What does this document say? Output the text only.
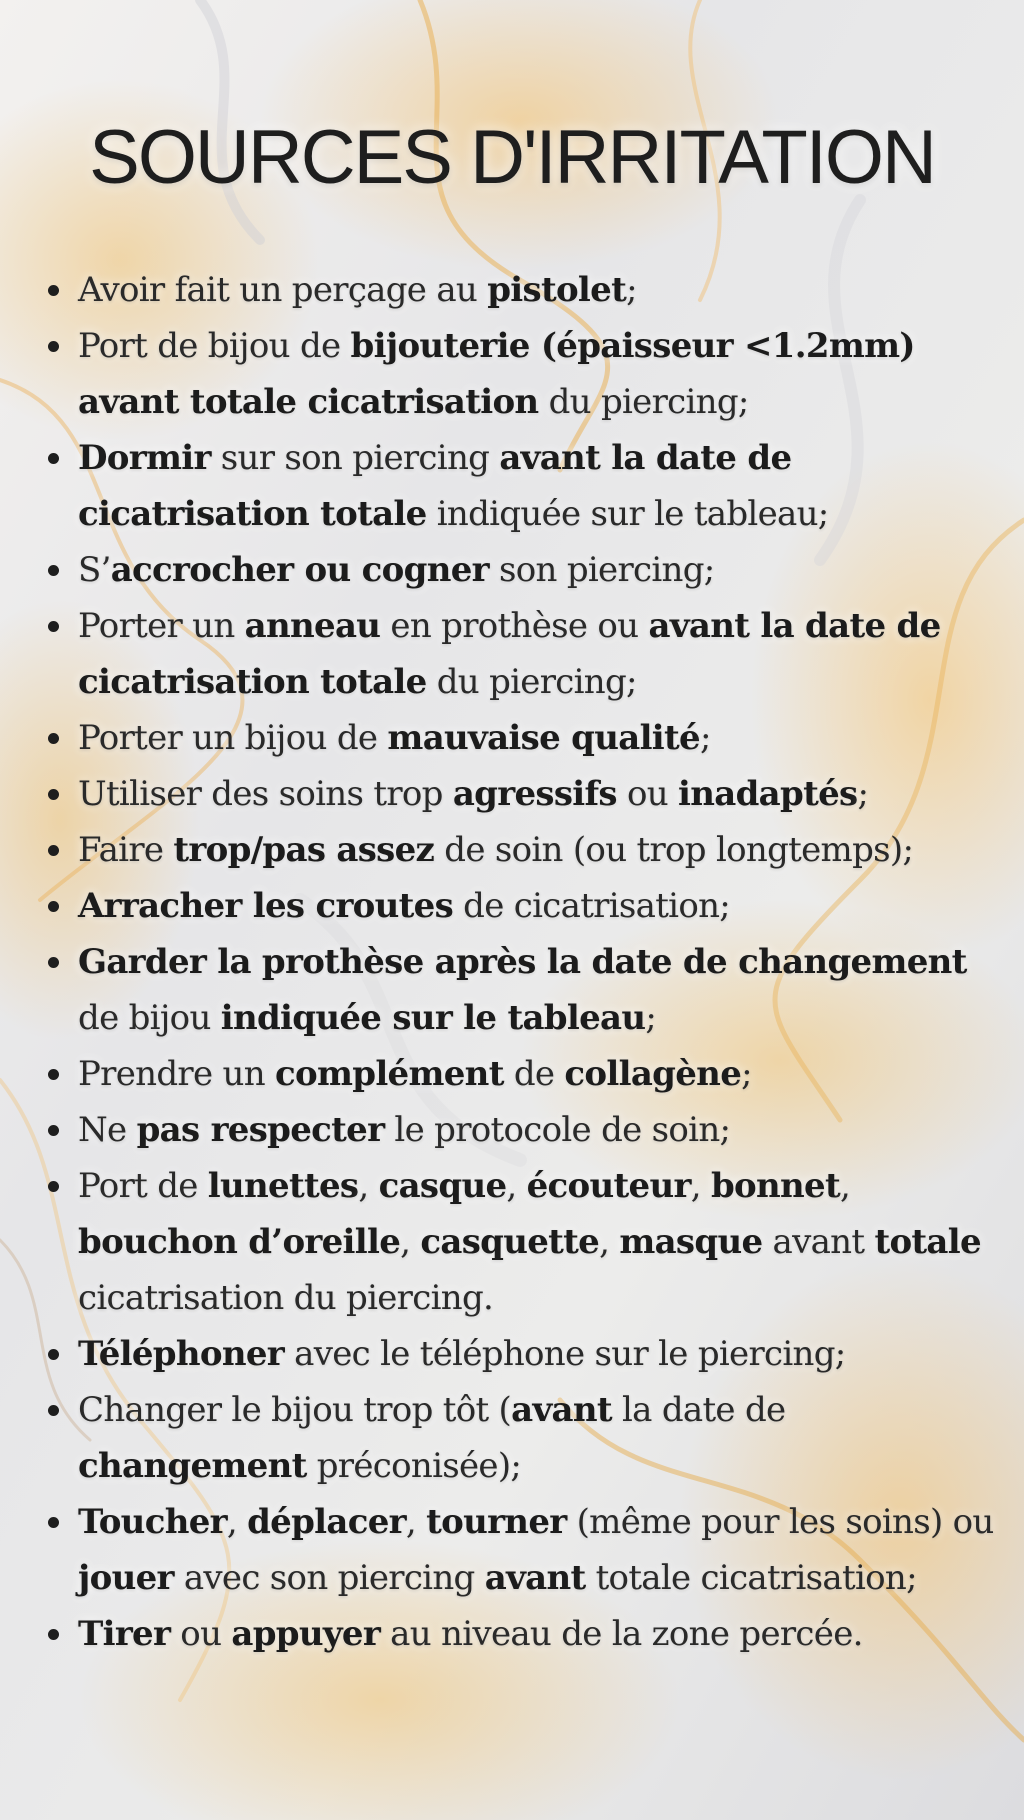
SOURCES D'IRRITATION
Avoir fait un perçage au pistolet;
Port de bijou de bijouterie (épaisseur <1.2mm) avant totale cicatrisation du piercing;
Dormir sur son piercing avant la date de cicatrisation totale indiquée sur le tableau;
S’accrocher ou cogner son piercing;
Porter un anneau en prothèse ou avant la date de cicatrisation totale du piercing;
Porter un bijou de mauvaise qualité;
Utiliser des soins trop agressifs ou inadaptés;
Faire trop/pas assez de soin (ou trop longtemps);
Arracher les croutes de cicatrisation;
Garder la prothèse après la date de changement de bijou indiquée sur le tableau;
Prendre un complément de collagène;
Ne pas respecter le protocole de soin;
Port de lunettes, casque, écouteur, bonnet, bouchon d’oreille, casquette, masque avant totale cicatrisation du piercing.
Téléphoner avec le téléphone sur le piercing;
Changer le bijou trop tôt (avant la date de changement préconisée);
Toucher, déplacer, tourner (même pour les soins) ou jouer avec son piercing avant totale cicatrisation;
Tirer ou appuyer au niveau de la zone percée.
